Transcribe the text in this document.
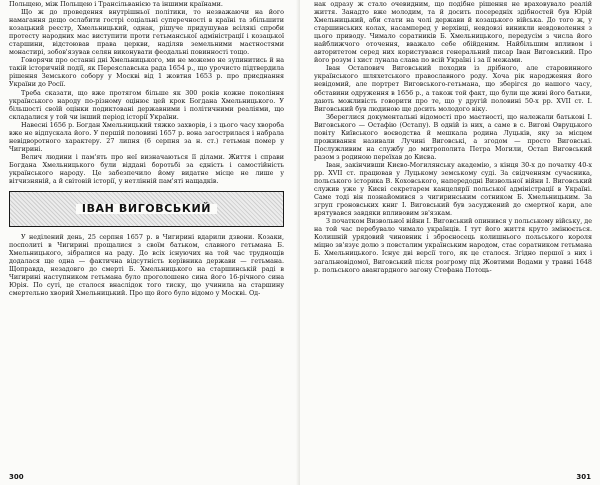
Польщею, між Польщею і Трансільванією та іншими країнами.

Що ж до проведення внутрішньої політики, то незважаючи на його намагання дещо ослабити гострі соціальні суперечності в країні та збільшити козацький реєстр, Хмельницький, однак, рішуче придушував всілякі спроби протесту народних мас виступити проти гетьманської адміністрації і козацької старшини, відстоював права церкви, наділяв земельними маєтностями монастирі, зобов'язував селян виконувати феодальні повинності тощо.

Говорячи про останні дні Хмельницького, ми не можемо не зупинитись й на такій історичній події, як Переяславська рада 1654 р., що урочисто підтвердила рішення Земського собору у Москві від 1 жовтня 1653 р. про приєднання України до Росії.

Треба сказати, що вже протягом більше як 300 років кожне покоління українського народу по-різному оцінює цей крок Богдана Хмельницького. У більшості своїй оцінки подиктовані державними і політичними реаліями, що складалися у той чи інший період історії України.

Навесні 1656 р. Богдан Хмельницький тяжко захворів, і з цього часу хвороба вже не відпускала його. У першій половині 1657 р. вона загострилася і набрала невідворотного характеру. 27 липня (6 серпня за н. ст.) гетьман помер у Чигирині.

Велич людини і пам'ять про неї визначаються її ділами. Життя і справи Богдана Хмельницького були віддані боротьбі за єдність і самостійність українського народу. Це забезпечило йому видатне місце не лише у вітчизняній, а й світовій історії, у нетлінній пам'яті нащадків.

ІВАН ВИГОВСЬКИЙ

У неділений день, 25 серпня 1657 р. в Чигирині вдарили дзвони. Козаки, посполиті в Чигирині прощалися з своїм батьком, славного гетьмана Б. Хмельницького, зібралися на раду. До всіх існуючих на той час труднощів додалася ще одна — фактична відсутність керівника держави — гетьмана. Щоправда, незадовго до смерті Б. Хмельницького на старшинській раді в Чигирині наступником гетьмана було проголошено сина його 16-річного сина Юрія. По суті, це сталося внаслідок того тиску, що учинила на старшину смертельно хворий Хмельницький. Про що його було відомо у Москві. Од-

300

нак одразу ж стало очевидним, що подібне рішення не враховувало реалій життя. Занадто вже молодим, та й досить посередніх здібностей був Юрій Хмельницький, аби стати на чолі держави й козацького війська. До того ж, у старшинських колах, насамперед у верхівці, невдовзі виникли невдоволення з цього приводу. Чимало соратників Б. Хмельницького, передусім з числа його найближчого оточення, вважало себе обійденим. Найбільшим впливом і авторитетом серед них користувався генеральний писар Іван Виговський. Про його розум і хист лунала слава по всій Україні і за її межами.

Іван Остапович Виговський походив із дрібного, але старовинного українського шляхетського православного роду. Хоча рік народження його невідомий, але портрет Виговського-гетьмана, що зберігся до нашого часу, обставини одруження в 1656 р., а також той факт, що були ще живі його батьки, дають можливість говорити про те, що у другій половині 50-х рр. XVII ст. І. Виговський був людиною ще досить молодого віку.

Збереглися документальні відомості про маєтності, що належали батькові І. Виговського — Остафію (Остапу). В одній із них, а саме в с. Вигові Овруцького повіту Київського воєводства й мешкала родина Луцьків, яку за місцем проживання називали Лучині Виговські, а згодом — просто Виговські. Послужливим на службу до митрополита Петра Могили, Остап Виговський разом з родиною переїхав до Києва.

Іван, закінчивши Києво-Могилянську академію, з кінця 30-х до початку 40-х рр. XVII ст. працював у Луцькому земському суді. За свідченням сучасника, польського історика В. Коховського, напередодні Визвольної війни І. Виговський служив уже у Києві секретарем канцелярії польської адміністрації в Україні. Саме тоді він познайомився з чигиринським сотником Б. Хмельницьким. За згруп гроновських книг І. Виговський був засуджений до смертної кари, але врятувався завдяки впливовим зв'язкам.

З початком Визвольної війни І. Виговський опинився у польському війську, де на той час перебувало чимало українців. І тут його життя круто змінюється. Колишній урядовий чиновник і зброєносець колишнього польського короля міцно зв'язує долю з повсталим українським народом, стає соратником гетьмана Б. Хмельницького. Існує дві версії того, як це сталося. Згідно першої з них і загальновідомої, Виговський після розгрому під Жовтими Водами у травні 1648 р. польського авангардного загону Стефана Потоць-

301
